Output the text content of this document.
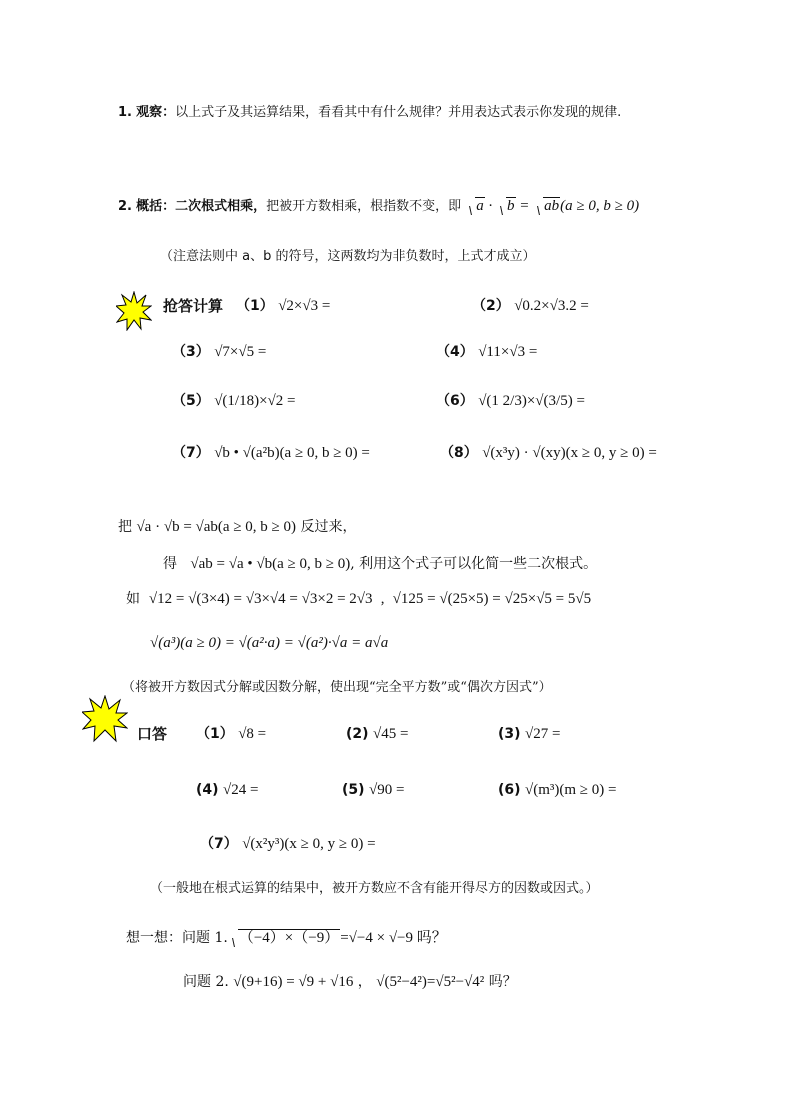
1. 观察：以上式子及其运算结果，看看其中有什么规律？并用表达式表示你发现的规律.
2. 概括：二次根式相乘，把被开方数相乘，根指数不变，即 a · b = ab(a ≥ 0, b ≥ 0)
（注意法则中 a、b 的符号，这两数均为非负数时，上式才成立）
抢答计算 （1） √2×√3 =	（2） √0.2×√3.2 =
（3） √7×√5 =	（4） √11×√3 =
（5） √(1/18)×√2 =	（6） √(1 2/3)×√(3/5) =
（7） √b • √(a²b)(a ≥ 0, b ≥ 0) =	（8） √(x³y) · √(xy)(x ≥ 0, y ≥ 0) =
把 √a · √b = √ab(a ≥ 0, b ≥ 0) 反过来，
得 √ab = √a • √b(a ≥ 0, b ≥ 0), 利用这个式子可以化简一些二次根式。
如 √12 = √(3×4) = √3×√4 = √3×2 = 2√3  ,  √125 = √(25×5) = √25×√5 = 5√5
√(a³)(a ≥ 0) = √(a²·a) = √(a²)·√a = a√a
（将被开方数因式分解或因数分解，使出现“完全平方数”或“偶次方因式”）
口答 （1） √8 =	(2) √45 =	(3) √27 =
(4) √24 =	(5) √90 =	(6) √(m³)(m ≥ 0) =
（7） √(x²y³)(x ≥ 0, y ≥ 0) =
（一般地在根式运算的结果中，被开方数应不含有能开得尽方的因数或因式。）
想一想：问题 1. （−4）×（−9）=√−4 × √−9 吗？
问题 2. √(9+16) = √9 + √16 ， √(5²−4²)=√5²−√4² 吗？
